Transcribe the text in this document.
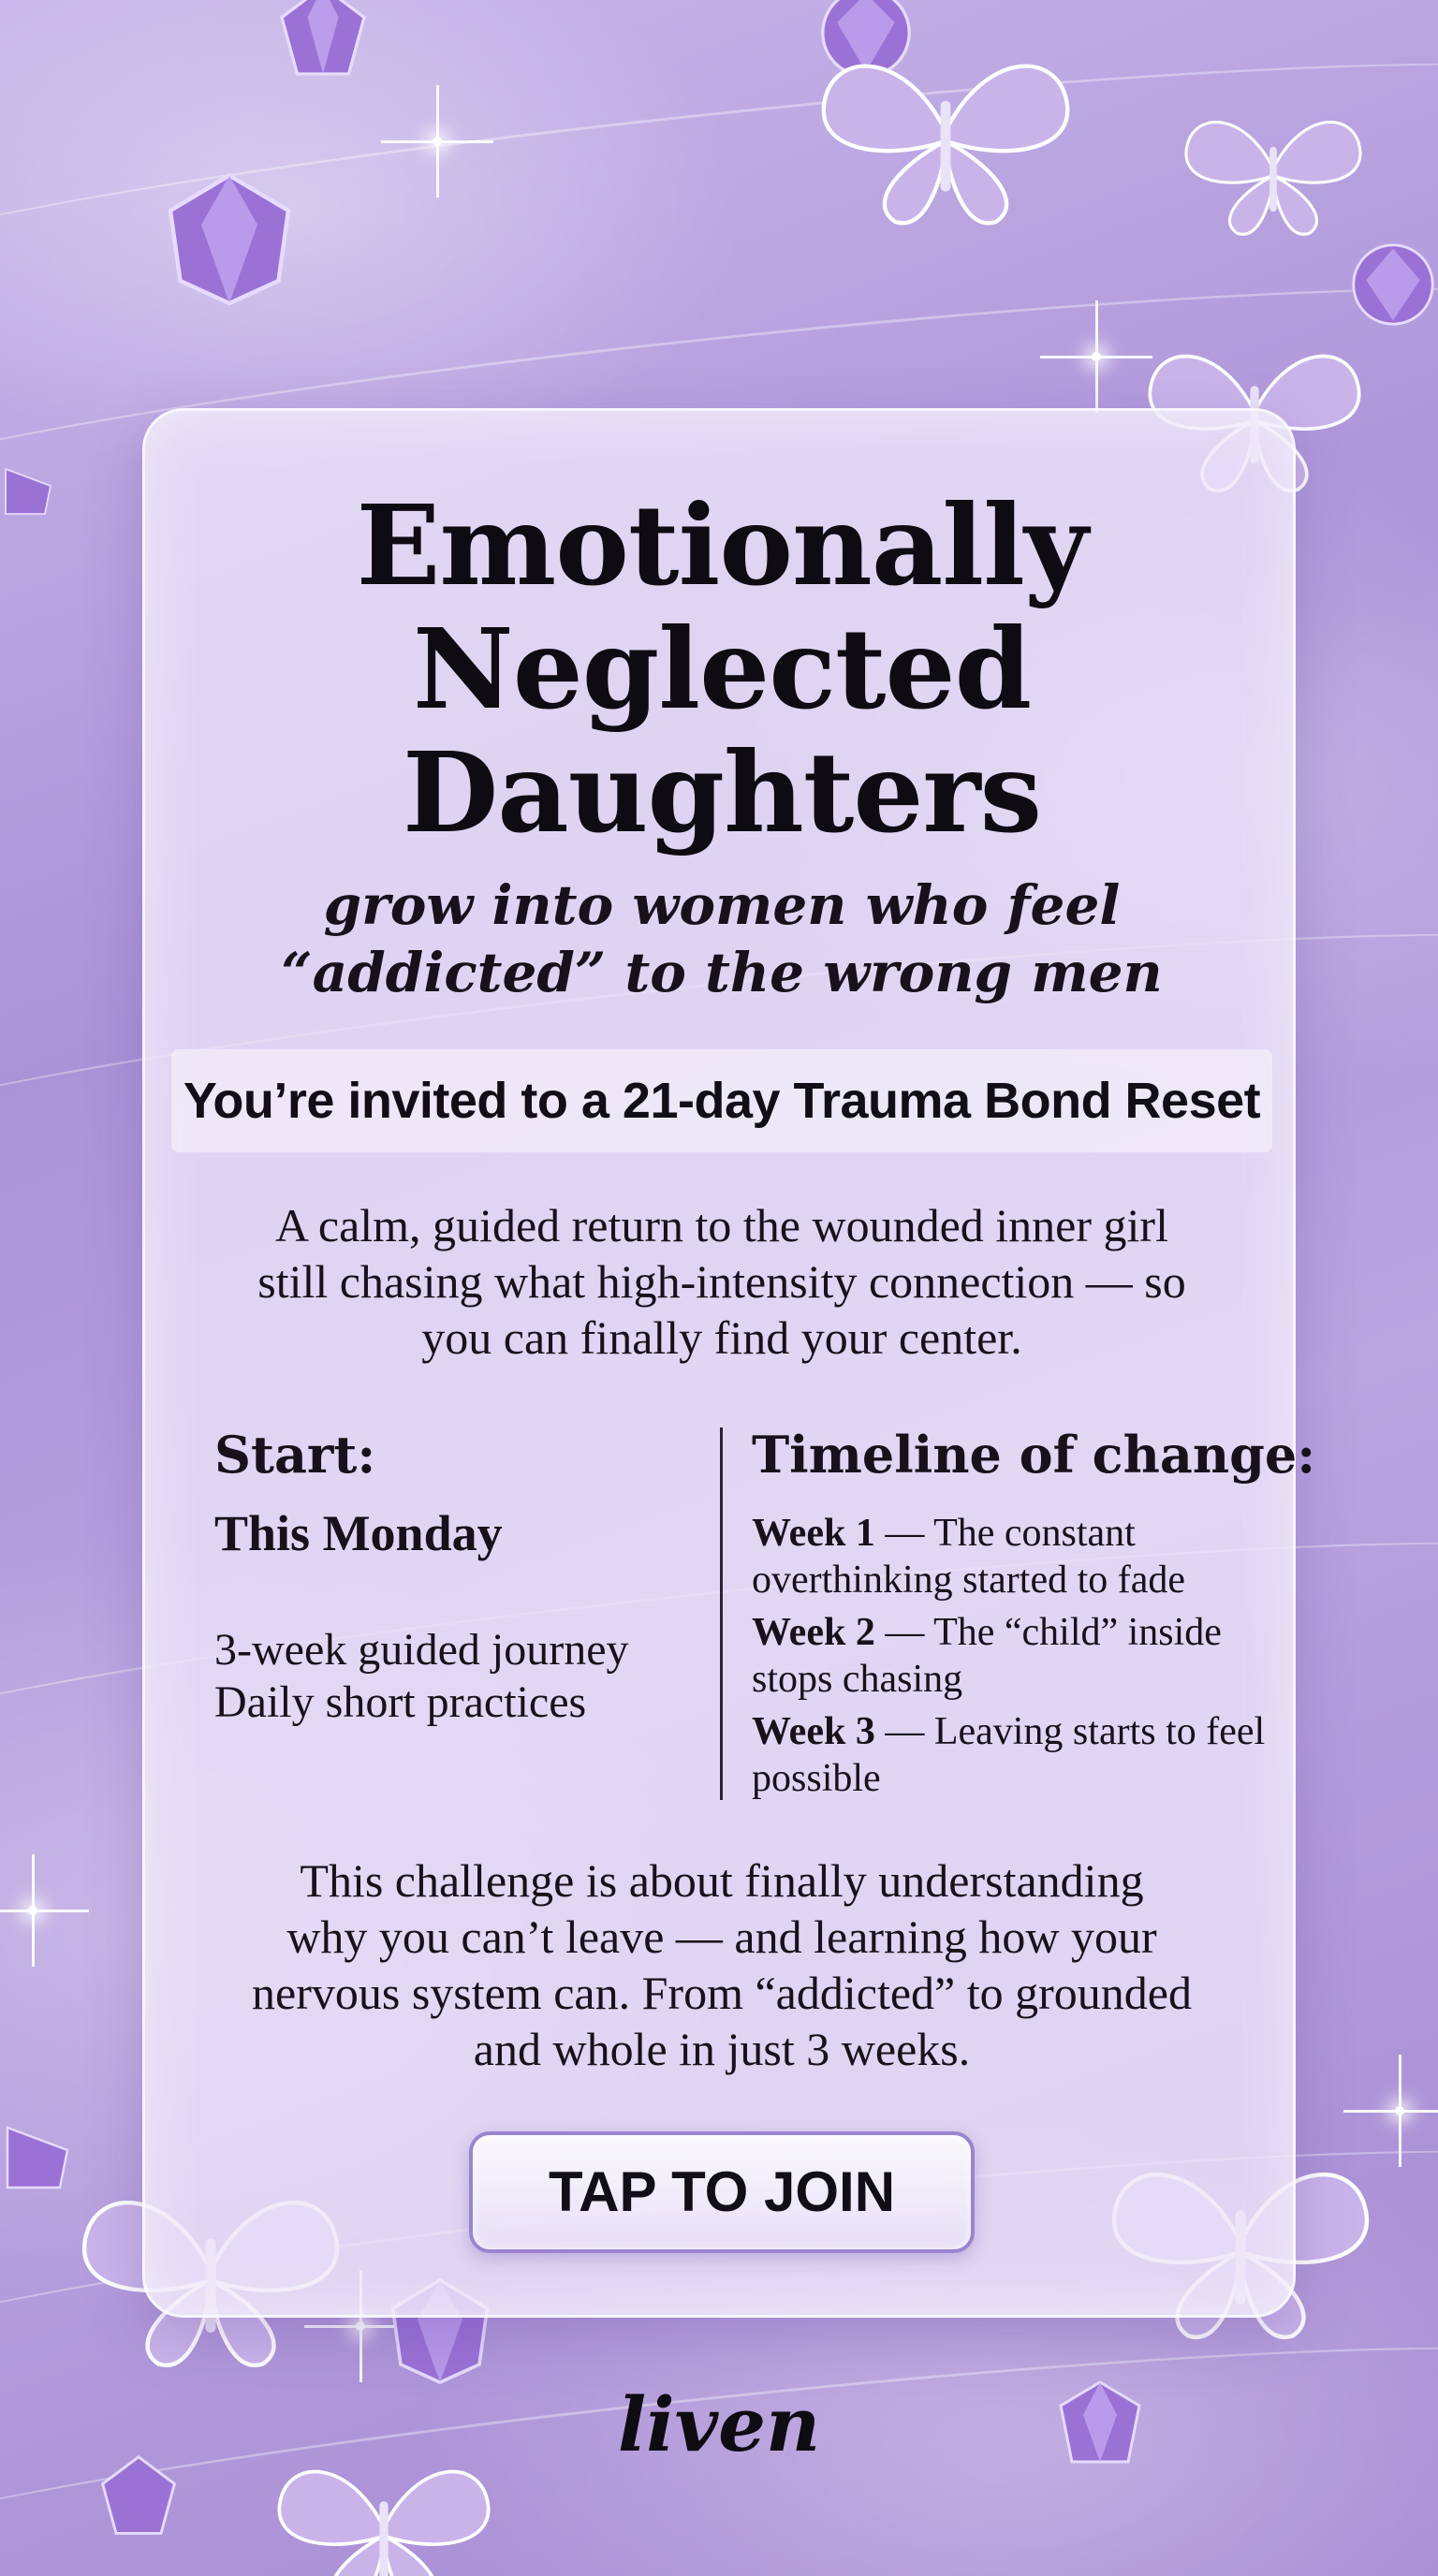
Emotionally
Neglected
Daughters
grow into women who feel
“addicted” to the wrong men
You’re invited to a 21-day Trauma Bond Reset
A calm, guided return to the wounded inner girl
still chasing what high-intensity connection — so
you can finally find your center.
Start:
This Monday
3-week guided journey
Daily short practices
Timeline of change:
Week 1 — The constant overthinking started to fade
Week 2 — The “child” inside stops chasing
Week 3 — Leaving starts to feel possible
This challenge is about finally understanding
why you can’t leave — and learning how your
nervous system can. From “addicted” to grounded
and whole in just 3 weeks.
TAP TO JOIN
liven
